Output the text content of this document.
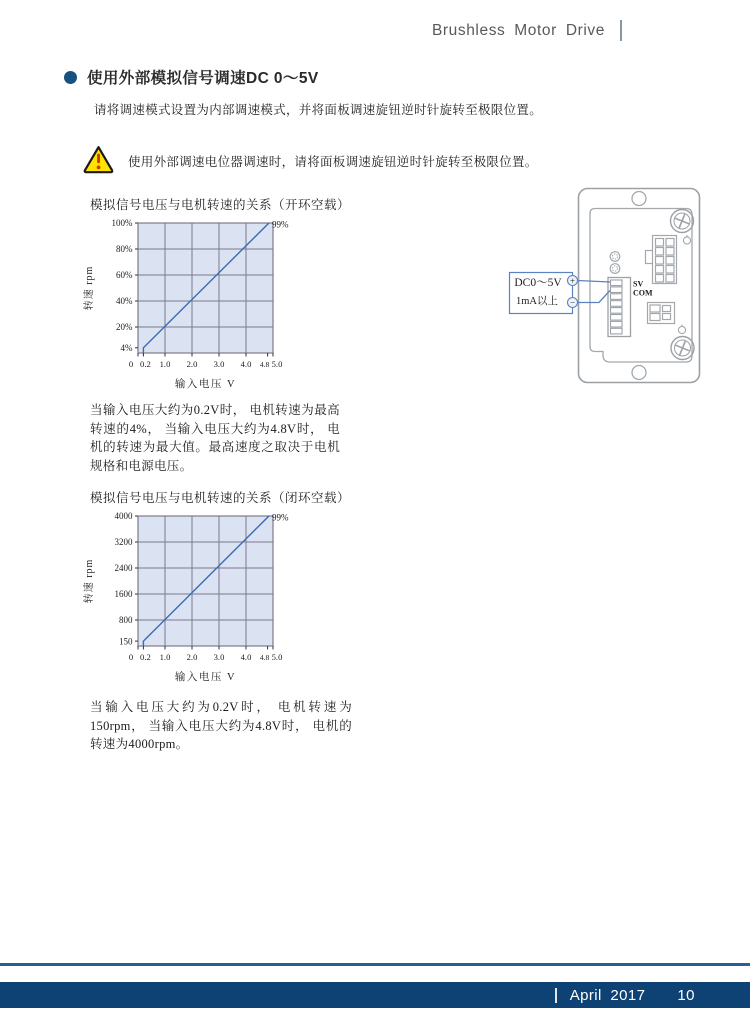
Brushless Motor Drive
使用外部模拟信号调速DC 0～5V

请将调速模式设置为内部调速模式，并将面板调速旋钮逆时针旋转至极限位置。

使用外部调速电位器调速时，请将面板调速旋钮逆时针旋转至极限位置。

模拟信号电压与电机转速的关系（开环空载）
0 0.2 1.0 2.0 3.0 4.0 4.8 5.0
100%
80%
60%
40%
20%
4%
99%
输入电压 V
转速 rpm	SV
COM
DC0～5V
1mA以上
+
−

当输入电压大约为0.2V时， 电机转速为最高转速的4%， 当输入电压大约为4.8V时， 电机的转速为最大值。最高速度之取决于电机规格和电源电压。

模拟信号电压与电机转速的关系（闭环空载）
0 0.2 1.0 2.0 3.0 4.0 4.8 5.0
4000
3200
2400
1600
800
150
99%
输入电压 V
转速 rpm

当输入电压大约为0.2V时， 电机转速为 150rpm， 当输入电压大约为4.8V时， 电机的转速为4000rpm。

April 2017 10
